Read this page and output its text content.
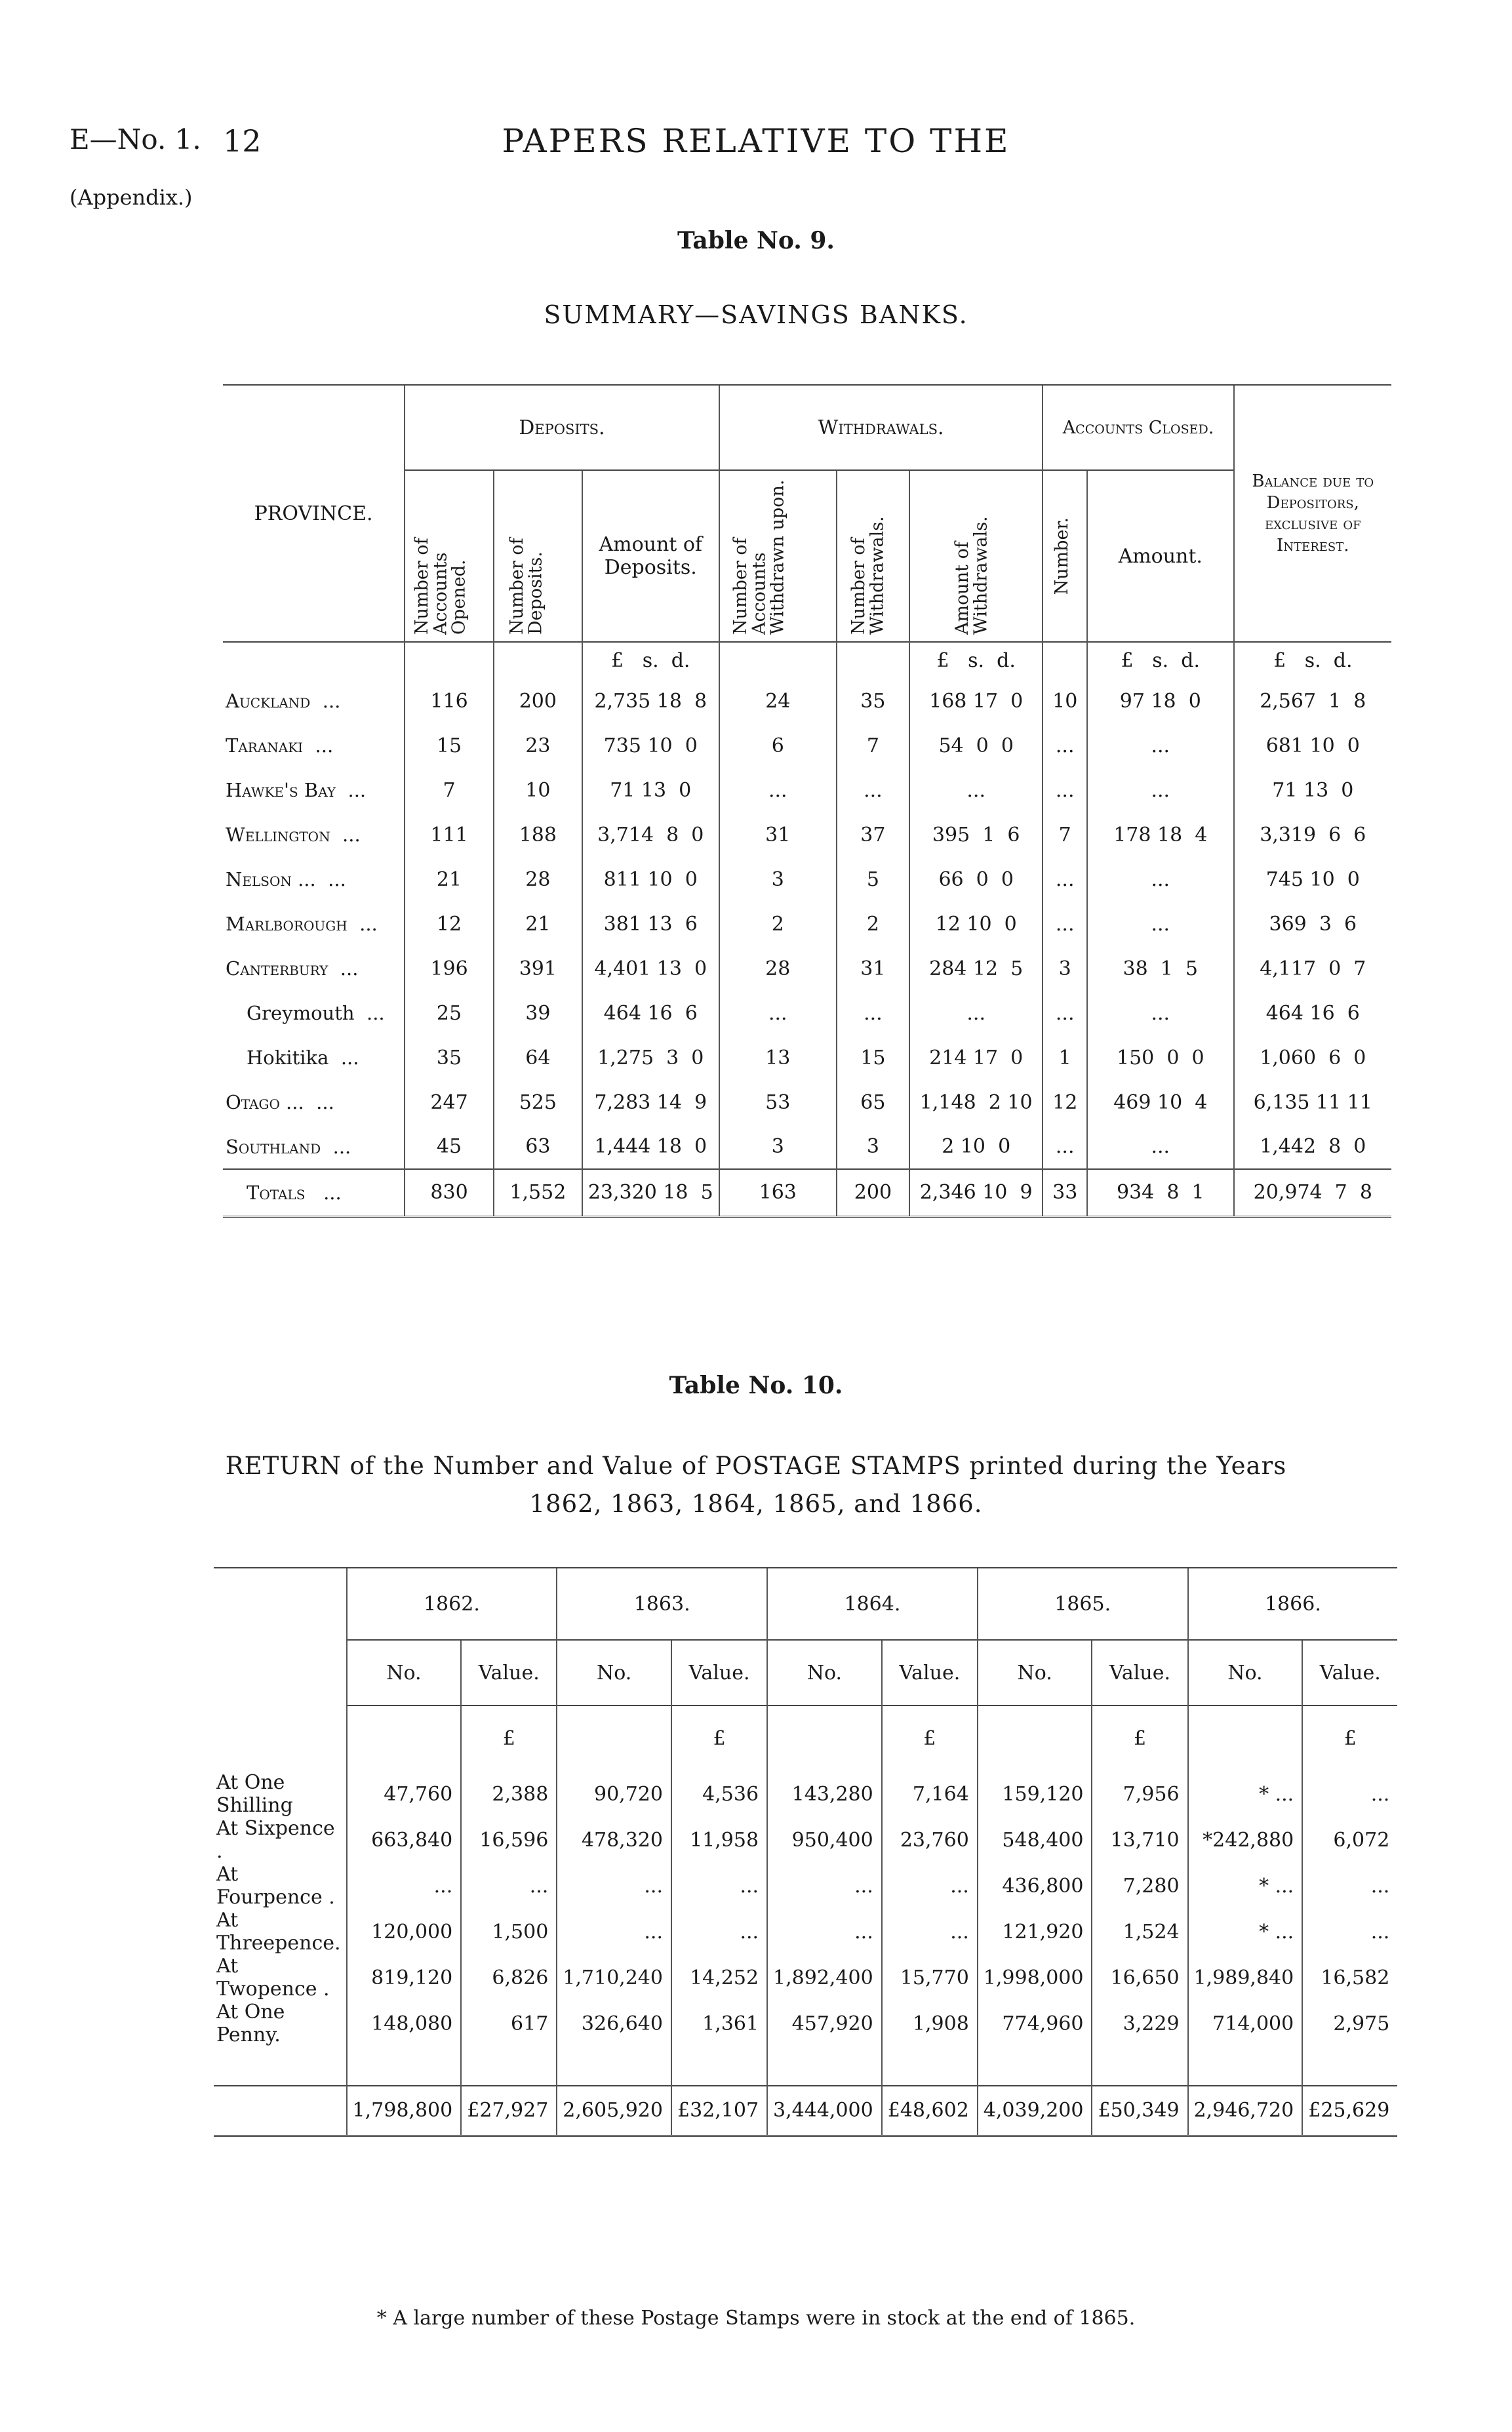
E—No. 1. 12	PAPERS RELATIVE TO THE
(Appendix.)
Table No. 9.
SUMMARY—SAVINGS BANKS.
PROVINCE.	Deposits.			Withdrawals.			Accounts Closed.		Balance due to Depositors, exclusive of Interest.

	Number of Accounts Opened.	Number of Deposits.	Amount of Deposits.	Number of Accounts Withdrawn upon.	Number of Withdrawals.	Amount of Withdrawals.	Number.	Amount.	
			£   s.  d.			£   s.  d.		£   s.  d.	£   s.  d.
Auckland ...	116	200	2,735 18  8	24	35	168 17  0	10	97 18  0	2,567  1  8
Taranaki ...	15	23	735 10  0	6	7	54  0  0	...	...	681 10  0
Hawke's Bay ...	7	10	71 13  0	...	...	...	...	...	71 13  0
Wellington ...	111	188	3,714  8  0	31	37	395  1  6	7	178 18  4	3,319  6  6
Nelson ... ...	21	28	811 10  0	3	5	66  0  0	...	...	745 10  0
Marlborough ...	12	21	381 13  6	2	2	12 10  0	...	...	369  3  6
Canterbury ...	196	391	4,401 13  0	28	31	284 12  5	3	38  1  5	4,117  0  7
Greymouth ...	25	39	464 16  6	...	...	...	...	...	464 16  6
Hokitika ...	35	64	1,275  3  0	13	15	214 17  0	1	150  0  0	1,060  6  0
Otago ... ...	247	525	7,283 14  9	53	65	1,148  2 10	12	469 10  4	6,135 11 11
Southland ...	45	63	1,444 18  0	3	3	2 10  0	...	...	1,442  8  0
Totals ...	830	1,552	23,320 18  5	163	200	2,346 10  9	33	934  8  1	20,974  7  8
Table No. 10.
RETURN of the Number and Value of POSTAGE STAMPS printed during the Years
1862, 1863, 1864, 1865, and 1866.
	1862.		1863.		1864.		1865.		1866.	
	No.	Value.	No.	Value.	No.	Value.	No.	Value.	No.	Value.
		£		£		£		£		£
At One Shilling	47,760	2,388	90,720	4,536	143,280	7,164	159,120	7,956	* ...	...
At Sixpence .	663,840	16,596	478,320	11,958	950,400	23,760	548,400	13,710	*242,880	6,072
At Fourpence .	...	...	...	...	...	...	436,800	7,280	* ...	...
At Threepence.	120,000	1,500	...	...	...	...	121,920	1,524	* ...	...
At Twopence .	819,120	6,826	1,710,240	14,252	1,892,400	15,770	1,998,000	16,650	1,989,840	16,582
At One Penny.	148,080	617	326,640	1,361	457,920	1,908	774,960	3,229	714,000	2,975

	1,798,800	£27,927	2,605,920	£32,107	3,444,000	£48,602	4,039,200	£50,349	2,946,720	£25,629
* A large number of these Postage Stamps were in stock at the end of 1865.
